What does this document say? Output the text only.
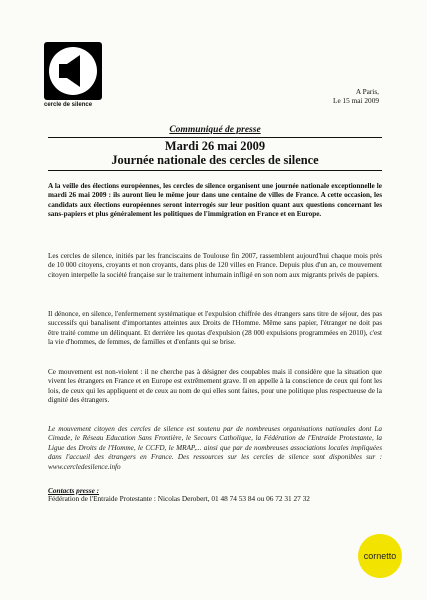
cercle de silence
A Paris,
Le 15 mai 2009
Communiqué de presse
Mardi 26 mai 2009
Journée nationale des cercles de silence
A la veille des élections européennes, les cercles de silence organisent une journée nationale exceptionnelle le mardi 26 mai 2009 : ils auront lieu le même jour dans une centaine de villes de France. A cette occasion, les candidats aux élections européennes seront interrogés sur leur position quant aux questions concernant les sans-papiers et plus généralement les politiques de l'immigration en France et en Europe.
Les cercles de silence, initiés par les franciscains de Toulouse fin 2007, rassemblent aujourd'hui chaque mois près de 10 000 citoyens, croyants et non croyants, dans plus de 120 villes en France. Depuis plus d'un an, ce mouvement citoyen interpelle la société française sur le traitement inhumain infligé en son nom aux migrants privés de papiers.
Il dénonce, en silence, l'enfermement systématique et l'expulsion chiffrée des étrangers sans titre de séjour, des pas successifs qui banalisent d'importantes atteintes aux Droits de l'Homme. Même sans papier, l'étranger ne doit pas être traité comme un délinquant. Et derrière les quotas d'expulsion (28 000 expulsions programmées en 2010), c'est la vie d'hommes, de femmes, de familles et d'enfants qui se brise.
Ce mouvement est non-violent : il ne cherche pas à désigner des coupables mais il considère que la situation que vivent les étrangers en France et en Europe est extrêmement grave. Il en appelle à la conscience de ceux qui font les lois, de ceux qui les appliquent et de ceux au nom de qui elles sont faites, pour une politique plus respectueuse de la dignité des étrangers.
Le mouvement citoyen des cercles de silence est soutenu par de nombreuses organisations nationales dont La Cimade, le Réseau Education Sans Frontière, le Secours Catholique, la Fédération de l'Entraide Protestante, la Ligue des Droits de l'Homme, le CCFD, le MRAP,... ainsi que par de nombreuses associations locales impliquées dans l'accueil des étrangers en France. Des ressources sur les cercles de silence sont disponibles sur : www.cercledesilence.info
Contacts presse :
Fédération de l'Entraide Protestante : Nicolas Derobert, 01 48 74 53 84 ou 06 72 31 27 32
cornetto
